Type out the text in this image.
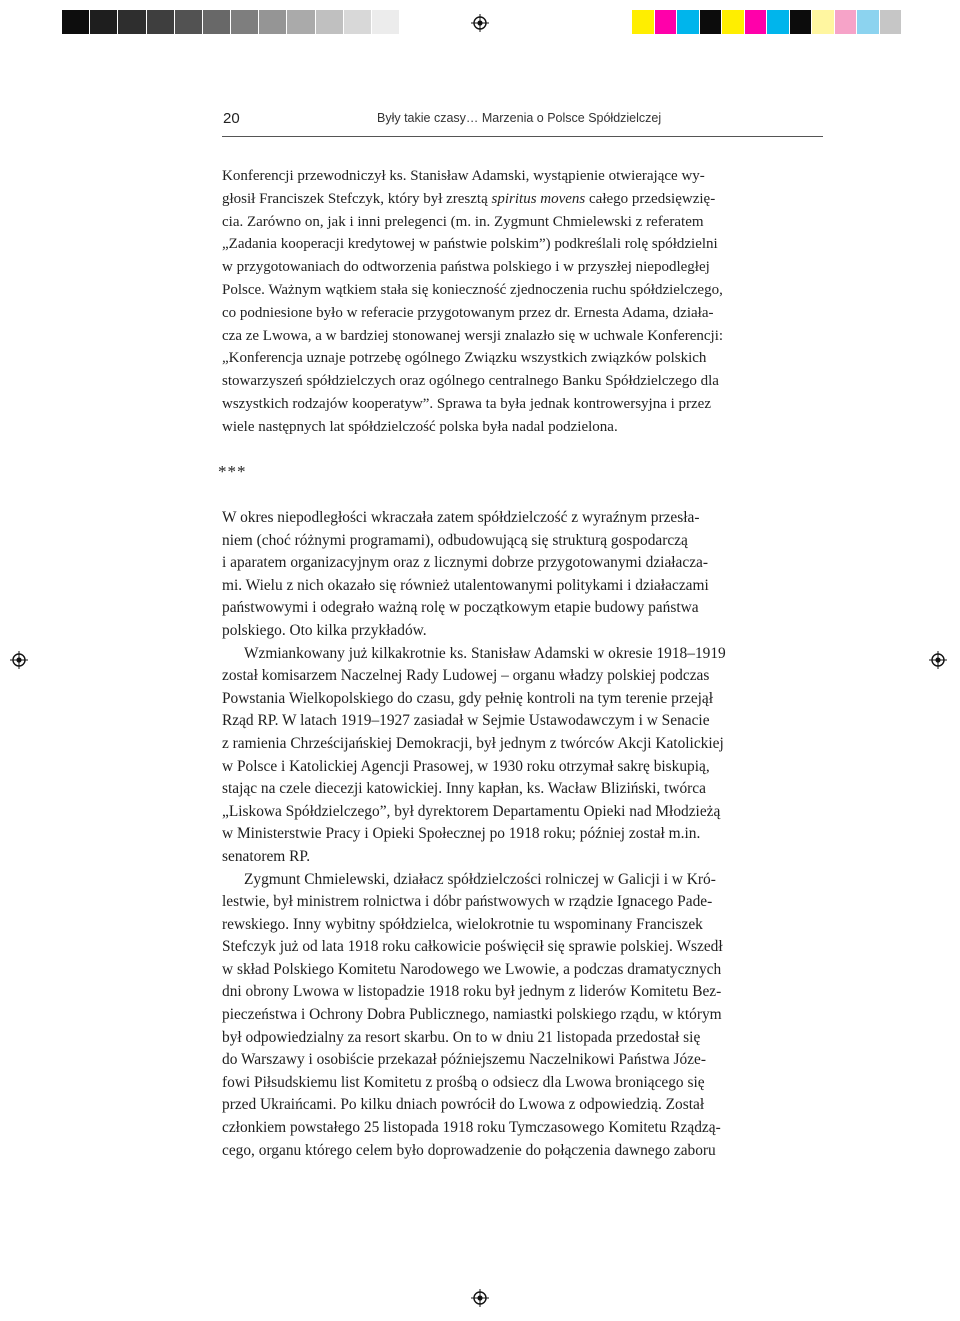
20	Były takie czasy… Marzenia o Polsce Spółdzielczej

Konferencji przewodniczył ks. Stanisław Adamski, wystąpienie otwierające wy-
głosił Franciszek Stefczyk, który był zresztą spiritus movens całego przedsięwzię-
cia. Zarówno on, jak i inni prelegenci (m. in. Zygmunt Chmielewski z referatem
„Zadania kooperacji kredytowej w państwie polskim”) podkreślali rolę spółdzielni
w przygotowaniach do odtworzenia państwa polskiego i w przyszłej niepodległej
Polsce. Ważnym wątkiem stała się konieczność zjednoczenia ruchu spółdzielczego,
co podniesione było w referacie przygotowanym przez dr. Ernesta Adama, działa-
cza ze Lwowa, a w bardziej stonowanej wersji znalazło się w uchwale Konferencji:
„Konferencja uznaje potrzebę ogólnego Związku wszystkich związków polskich
stowarzyszeń spółdzielczych oraz ogólnego centralnego Banku Spółdzielczego dla
wszystkich rodzajów kooperatyw”. Sprawa ta była jednak kontrowersyjna i przez
wiele następnych lat spółdzielczość polska była nadal podzielona.

***

W okres niepodległości wkraczała zatem spółdzielczość z wyraźnym przesła-
niem (choć różnymi programami), odbudowującą się strukturą gospodarczą
i aparatem organizacyjnym oraz z licznymi dobrze przygotowanymi działacza-
mi. Wielu z nich okazało się również utalentowanymi politykami i działaczami
państwowymi i odegrało ważną rolę w początkowym etapie budowy państwa
polskiego. Oto kilka przykładów.

Wzmiankowany już kilkakrotnie ks. Stanisław Adamski w okresie 1918–1919
został komisarzem Naczelnej Rady Ludowej – organu władzy polskiej podczas
Powstania Wielkopolskiego do czasu, gdy pełnię kontroli na tym terenie przejął
Rząd RP. W latach 1919–1927 zasiadał w Sejmie Ustawodawczym i w Senacie
z ramienia Chrześcijańskiej Demokracji, był jednym z twórców Akcji Katolickiej
w Polsce i Katolickiej Agencji Prasowej, w 1930 roku otrzymał sakrę biskupią,
stając na czele diecezji katowickiej. Inny kapłan, ks. Wacław Bliziński, twórca
„Liskowa Spółdzielczego”, był dyrektorem Departamentu Opieki nad Młodzieżą
w Ministerstwie Pracy i Opieki Społecznej po 1918 roku; później został m.in.
senatorem RP.

Zygmunt Chmielewski, działacz spółdzielczości rolniczej w Galicji i w Kró-
lestwie, był ministrem rolnictwa i dóbr państwowych w rządzie Ignacego Pade-
rewskiego. Inny wybitny spółdzielca, wielokrotnie tu wspominany Franciszek
Stefczyk już od lata 1918 roku całkowicie poświęcił się sprawie polskiej. Wszedł
w skład Polskiego Komitetu Narodowego we Lwowie, a podczas dramatycznych
dni obrony Lwowa w listopadzie 1918 roku był jednym z liderów Komitetu Bez-
pieczeństwa i Ochrony Dobra Publicznego, namiastki polskiego rządu, w którym
był odpowiedzialny za resort skarbu. On to w dniu 21 listopada przedostał się
do Warszawy i osobiście przekazał późniejszemu Naczelnikowi Państwa Józe-
fowi Piłsudskiemu list Komitetu z prośbą o odsiecz dla Lwowa broniącego się
przed Ukraińcami. Po kilku dniach powrócił do Lwowa z odpowiedzią. Został
członkiem powstałego 25 listopada 1918 roku Tymczasowego Komitetu Rządzą-
cego, organu którego celem było doprowadzenie do połączenia dawnego zaboru
